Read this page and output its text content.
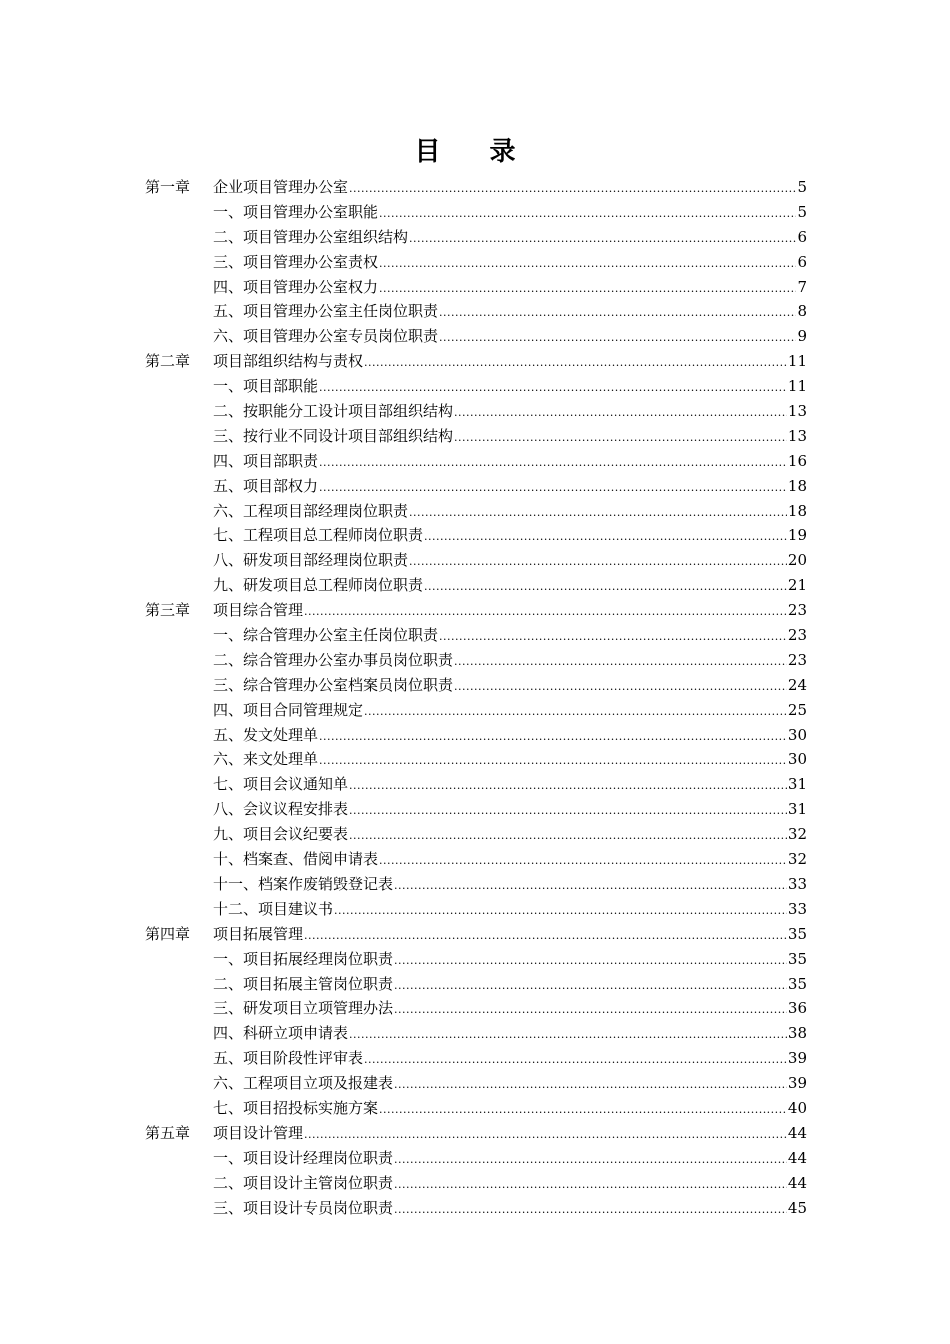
目 录
第一章	企业项目管理办公室 .....	5
一、项目管理办公室职能 .....	5
二、项目管理办公室组织结构 .....	6
三、项目管理办公室责权 .....	6
四、项目管理办公室权力 .....	7
五、项目管理办公室主任岗位职责 .....	8
六、项目管理办公室专员岗位职责 .....	9
第二章	项目部组织结构与责权 .....	11
一、项目部职能 .....	11
二、按职能分工设计项目部组织结构 .....	13
三、按行业不同设计项目部组织结构 .....	13
四、项目部职责 .....	16
五、项目部权力 .....	18
六、工程项目部经理岗位职责 .....	18
七、工程项目总工程师岗位职责 .....	19
八、研发项目部经理岗位职责 .....	20
九、研发项目总工程师岗位职责 .....	21
第三章	项目综合管理 .....	23
一、综合管理办公室主任岗位职责 .....	23
二、综合管理办公室办事员岗位职责 .....	23
三、综合管理办公室档案员岗位职责 .....	24
四、项目合同管理规定 .....	25
五、发文处理单 .....	30
六、来文处理单 .....	30
七、项目会议通知单 .....	31
八、会议议程安排表 .....	31
九、项目会议纪要表 .....	32
十、档案查、借阅申请表 .....	32
十一、档案作废销毁登记表 .....	33
十二、项目建议书 .....	33
第四章	项目拓展管理 .....	35
一、项目拓展经理岗位职责 .....	35
二、项目拓展主管岗位职责 .....	35
三、研发项目立项管理办法 .....	36
四、科研立项申请表 .....	38
五、项目阶段性评审表 .....	39
六、工程项目立项及报建表 .....	39
七、项目招投标实施方案 .....	40
第五章	项目设计管理 .....	44
一、项目设计经理岗位职责 .....	44
二、项目设计主管岗位职责 .....	44
三、项目设计专员岗位职责 .....	45
